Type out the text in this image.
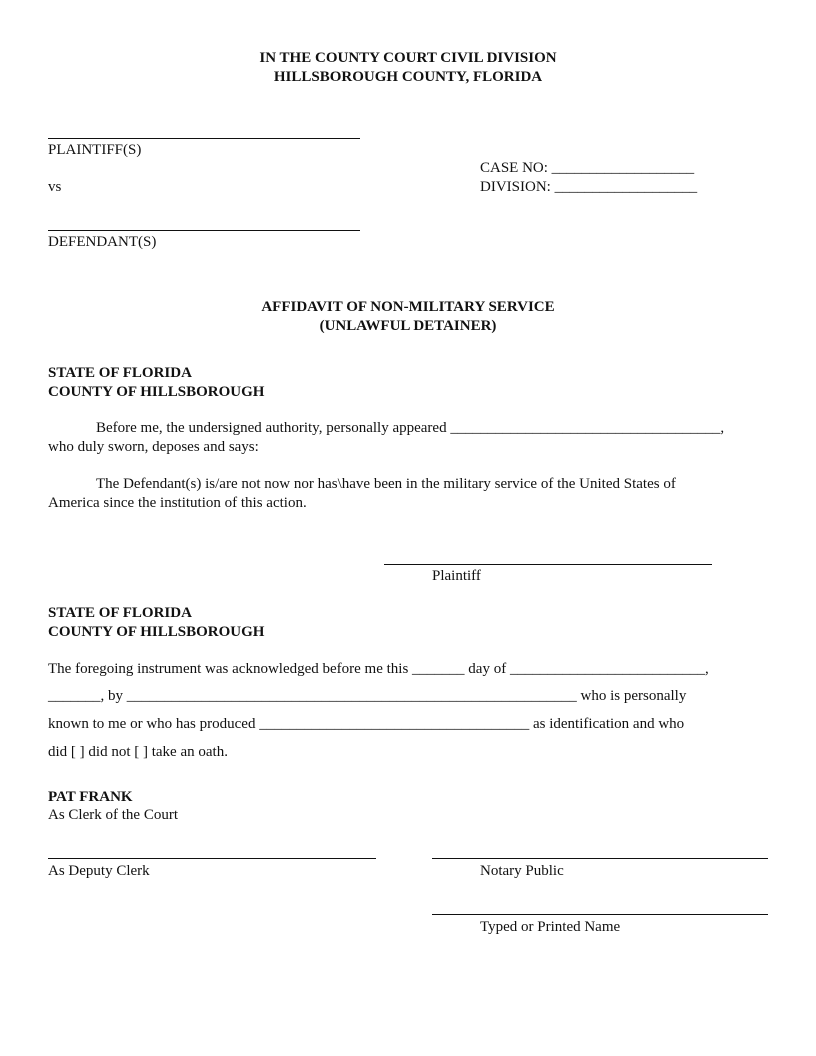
IN THE COUNTY COURT CIVIL DIVISION
HILLSBOROUGH COUNTY, FLORIDA
PLAINTIFF(S)
CASE NO: ___________________
vs	DIVISION: ___________________
DEFENDANT(S)
AFFIDAVIT OF NON-MILITARY SERVICE
(UNLAWFUL DETAINER)
STATE OF FLORIDA
COUNTY OF HILLSBOROUGH
Before me, the undersigned authority, personally appeared ____________________________________,
who duly sworn, deposes and says:
The Defendant(s) is/are not now nor has\have been in the military service of the United States of
America since the institution of this action.
Plaintiff
STATE OF FLORIDA
COUNTY OF HILLSBOROUGH
The foregoing instrument was acknowledged before me this _______ day of __________________________,
_______, by ____________________________________________________________ who is personally
known to me or who has produced ____________________________________ as identification and who
did [ ] did not [ ] take an oath.
PAT FRANK
As Clerk of the Court
As Deputy Clerk	Notary Public
Typed or Printed Name
